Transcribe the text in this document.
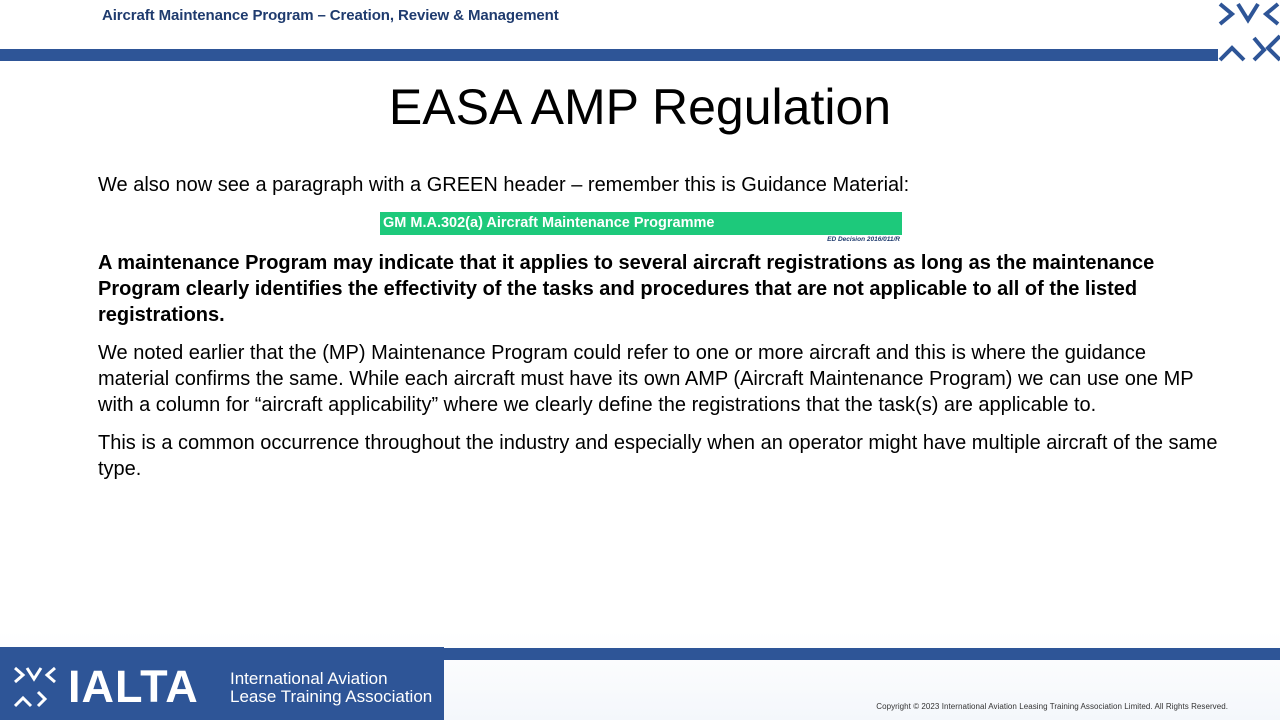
Aircraft Maintenance Program – Creation, Review & Management
EASA AMP Regulation

We also now see a paragraph with a GREEN header – remember this is Guidance Material:

GM M.A.302(a) Aircraft Maintenance Programme
ED Decision 2016/011/R

A maintenance Program may indicate that it applies to several aircraft registrations as long as the maintenance Program clearly identifies the effectivity of the tasks and procedures that are not applicable to all of the listed registrations.

We noted earlier that the (MP) Maintenance Program could refer to one or more aircraft and this is where the guidance material confirms the same. While each aircraft must have its own AMP (Aircraft Maintenance Program) we can use one MP with a column for “aircraft applicability” where we clearly define the registrations that the task(s) are applicable to.

This is a common occurrence throughout the industry and especially when an operator might have multiple aircraft of the same type.

IALTA International Aviation
Lease Training Association
Copyright © 2023 International Aviation Leasing Training Association Limited. All Rights Reserved.
